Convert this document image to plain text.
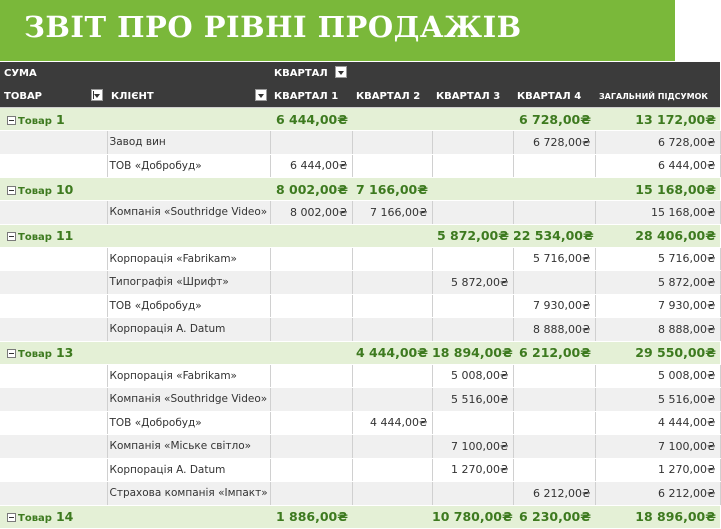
ЗВІТ ПРО РІВНІ ПРОДАЖІВ
СУМА		КВАРТАЛ

ТОВАР	КЛІЄНТ	КВАРТАЛ 1	КВАРТАЛ 2	КВАРТАЛ 3	КВАРТАЛ 4	ЗАГАЛЬНИЙ ПІДСУМОК
Товар 1		6 444,00₴			6 728,00₴	13 172,00₴
	Завод вин				6 728,00₴	6 728,00₴
	ТОВ «Добробуд»	6 444,00₴				6 444,00₴
Товар 10		8 002,00₴	7 166,00₴			15 168,00₴
	Компанія «Southridge Video»	8 002,00₴	7 166,00₴			15 168,00₴
Товар 11				5 872,00₴	22 534,00₴	28 406,00₴
	Корпорація «Fabrikam»				5 716,00₴	5 716,00₴
	Типографія «Шрифт»			5 872,00₴		5 872,00₴
	ТОВ «Добробуд»				7 930,00₴	7 930,00₴
	Корпорація A. Datum				8 888,00₴	8 888,00₴
Товар 13			4 444,00₴	18 894,00₴	6 212,00₴	29 550,00₴
	Корпорація «Fabrikam»			5 008,00₴		5 008,00₴
	Компанія «Southridge Video»			5 516,00₴		5 516,00₴
	ТОВ «Добробуд»		4 444,00₴			4 444,00₴
	Компанія «Міське світло»			7 100,00₴		7 100,00₴
	Корпорація A. Datum			1 270,00₴		1 270,00₴
	Страхова компанія «Імпакт»				6 212,00₴	6 212,00₴
Товар 14		1 886,00₴		10 780,00₴	6 230,00₴	18 896,00₴
